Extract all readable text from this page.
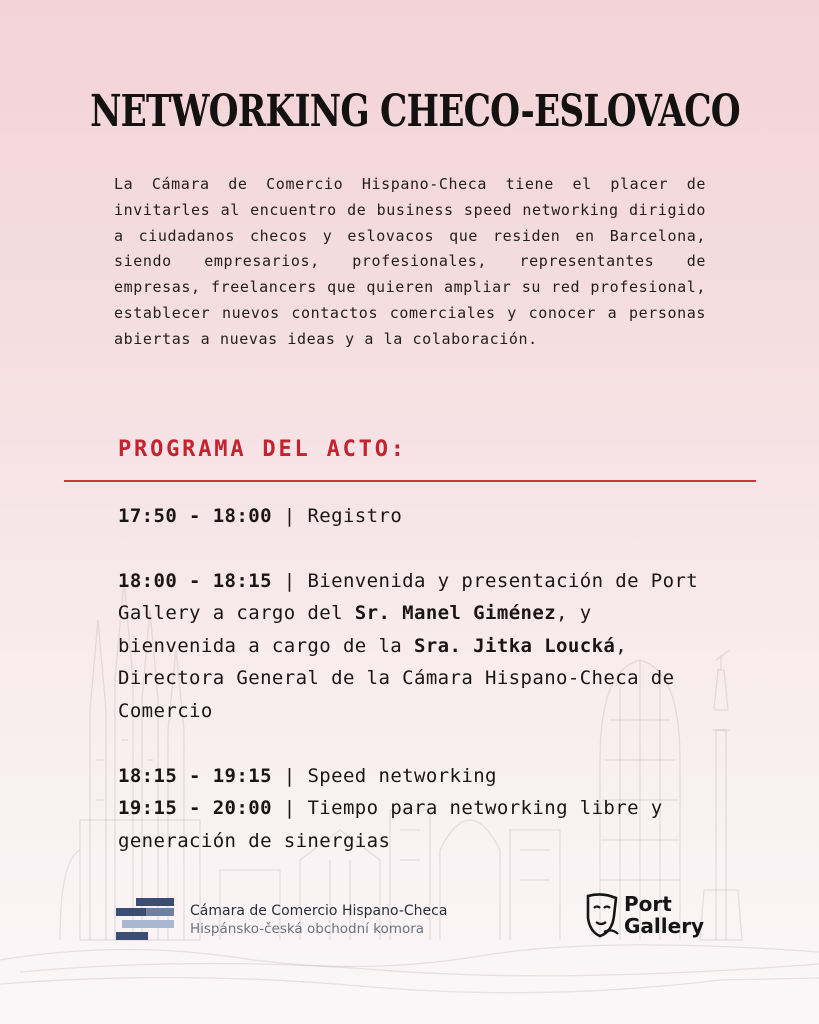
NETWORKING CHECO-ESLOVACO

La Cámara de Comercio Hispano-Checa tiene el placer de invitarles al encuentro de business speed networking dirigido a ciudadanos checos y eslovacos que residen en Barcelona, siendo empresarios, profesionales, representantes de empresas, freelancers que quieren ampliar su red profesional, establecer nuevos contactos comerciales y conocer a personas abiertas a nuevas ideas y a la colaboración.

PROGRAMA DEL ACTO:

17:50 - 18:00 | Registro

18:00 - 18:15 | Bienvenida y presentación de Port Gallery a cargo del Sr. Manel Giménez, y bienvenida a cargo de la Sra. Jitka Loucká, Directora General de la Cámara Hispano-Checa de Comercio

18:15 - 19:15 | Speed networking

19:15 - 20:00 | Tiempo para networking libre y generación de sinergias

Cámara de Comercio Hispano-Checa
Hispánsko-česká obchodní komora
Port
Gallery
